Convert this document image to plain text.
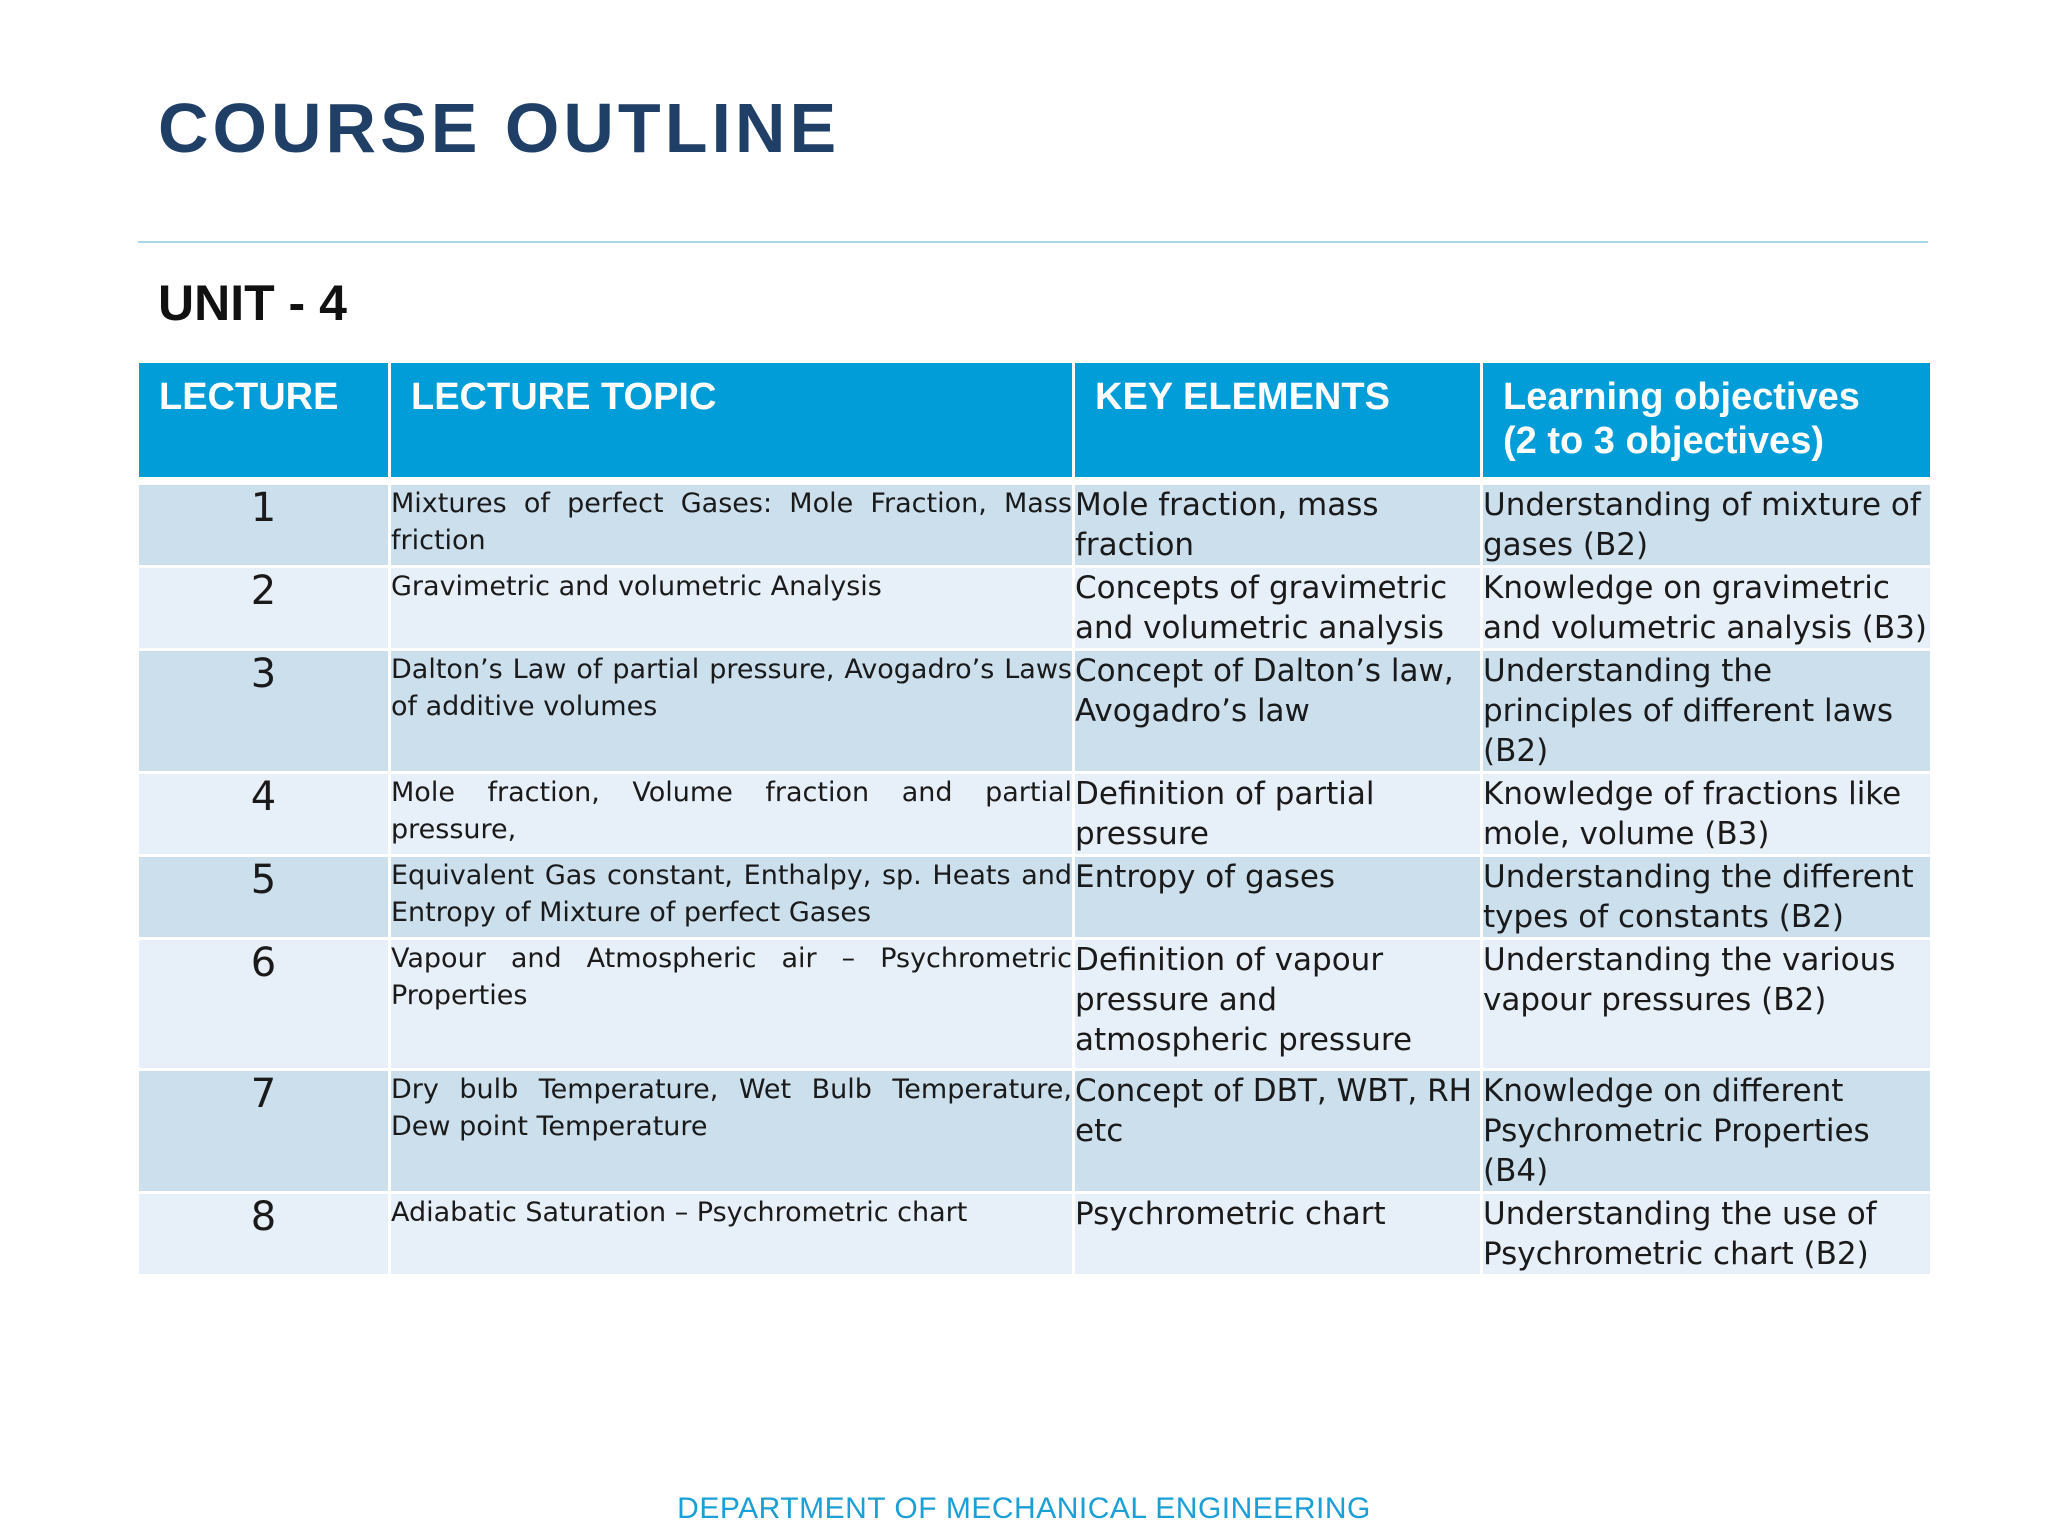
COURSE OUTLINE
UNIT - 4
LECTURE	LECTURE TOPIC	KEY ELEMENTS	Learning objectives
(2 to 3 objectives)
1	Mixtures of perfect Gases: Mole Fraction, Mass friction	Mole fraction, mass fraction	Understanding of mixture of gases (B2)
2	Gravimetric and volumetric Analysis	Concepts of gravimetric and volumetric analysis	Knowledge on gravimetric and volumetric analysis (B3)
3	Dalton’s Law of partial pressure, Avogadro’s Laws of additive volumes	Concept of Dalton’s law, Avogadro’s law	Understanding the principles of different laws (B2)
4	Mole fraction, Volume fraction and partial pressure,	Definition of partial pressure	Knowledge of fractions like mole, volume (B3)
5	Equivalent Gas constant, Enthalpy, sp. Heats and Entropy of Mixture of perfect Gases	Entropy of gases	Understanding the different types of constants (B2)
6	Vapour and Atmospheric air – Psychrometric Properties	Definition of vapour pressure and atmospheric pressure	Understanding the various vapour pressures (B2)
7	Dry bulb Temperature, Wet Bulb Temperature, Dew point Temperature	Concept of DBT, WBT, RH etc	Knowledge on different Psychrometric Properties (B4)
8	Adiabatic Saturation – Psychrometric chart	Psychrometric chart	Understanding the use of Psychrometric chart (B2)
DEPARTMENT OF MECHANICAL ENGINEERING
